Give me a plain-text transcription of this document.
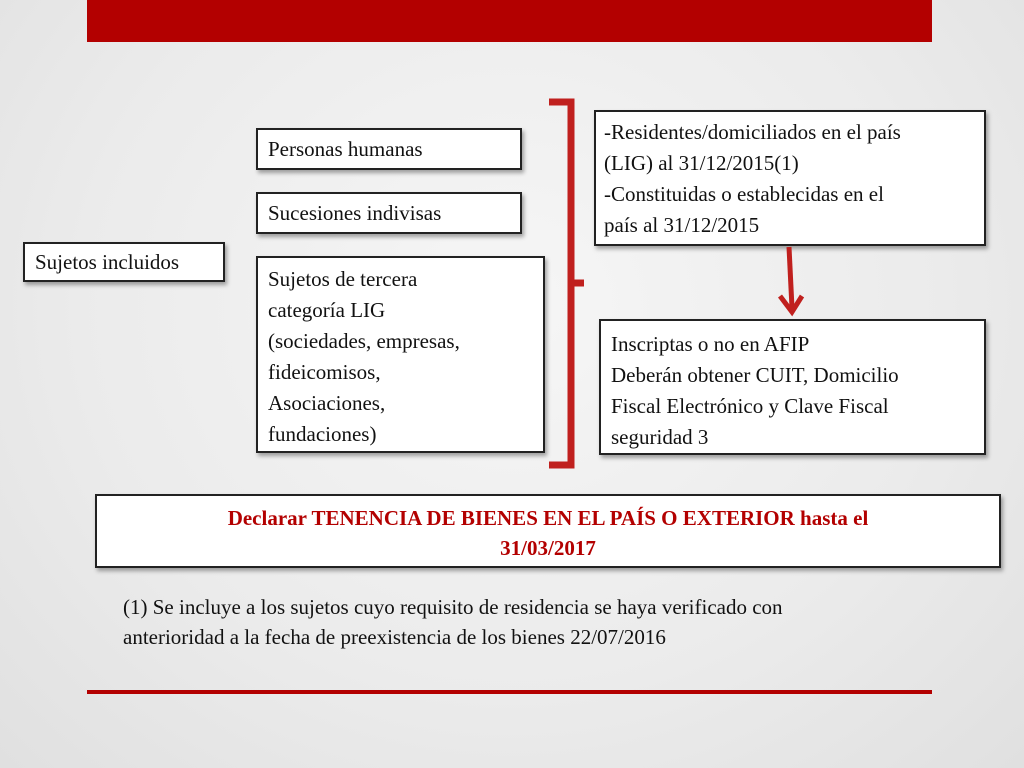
Sujetos incluidos
Personas humanas
Sucesiones indivisas
Sujetos de tercera
categoría LIG
(sociedades, empresas,
fideicomisos,
Asociaciones,
fundaciones)
-Residentes/domiciliados en el país
(LIG) al 31/12/2015(1)
-Constituidas o establecidas en el
país al 31/12/2015
Inscriptas o no en AFIP
Deberán obtener CUIT, Domicilio
Fiscal Electrónico y Clave Fiscal
seguridad 3
Declarar TENENCIA DE BIENES EN EL PAÍS O EXTERIOR hasta el
31/03/2017
(1) Se incluye a los sujetos cuyo requisito de residencia se haya verificado con
anterioridad a la fecha de preexistencia de los bienes 22/07/2016
